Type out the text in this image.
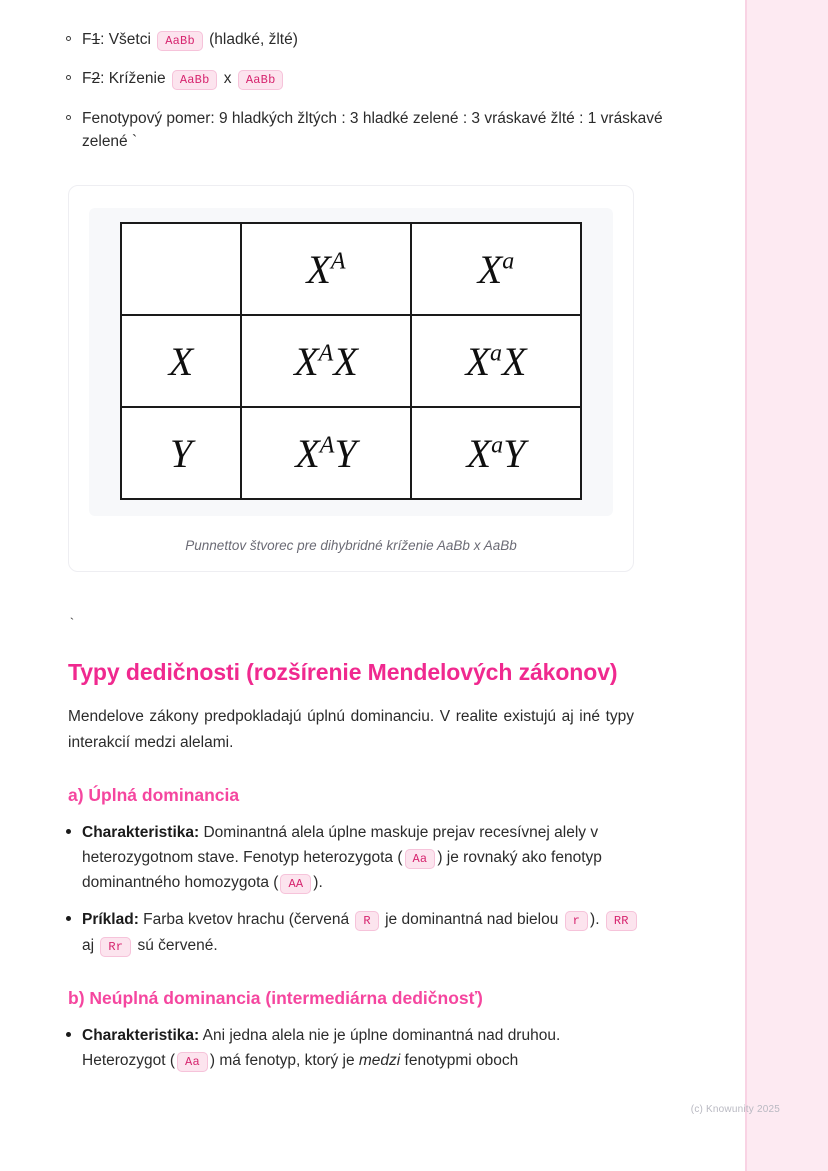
F1: Všetci AaBb (hladké, žlté)
F2: Kríženie AaBb x AaBb
Fenotypový pomer: 9 hladkých žltých : 3 hladké zelené : 3 vráskavé žlté : 1 vráskavé zelené `
	$X^A$	$X^a$
X	$X^AX$	$X^aX$
Y	$X^AY$	$X^aY$
Punnettov štvorec pre dihybridné kríženie AaBb x AaBb
`
Typy dedičnosti (rozšírenie Mendelových zákonov)

Mendelove zákony predpokladajú úplnú dominanciu. V realite existujú aj iné typy interakcií medzi alelami.

a) Úplná dominancia
Charakteristika: Dominantná alela úplne maskuje prejav recesívnej alely v heterozygotnom stave. Fenotyp heterozygota ( Aa ) je rovnaký ako fenotyp dominantného homozygota ( AA ).
Príklad: Farba kvetov hrachu (červená R je dominantná nad bielou r ). RR aj Rr sú červené.
b) Neúplná dominancia (intermediárna dedičnosť)
Charakteristika: Ani jedna alela nie je úplne dominantná nad druhou. Heterozygot ( Aa ) má fenotyp, ktorý je medzi fenotypmi oboch
(c) Knowunity 2025
